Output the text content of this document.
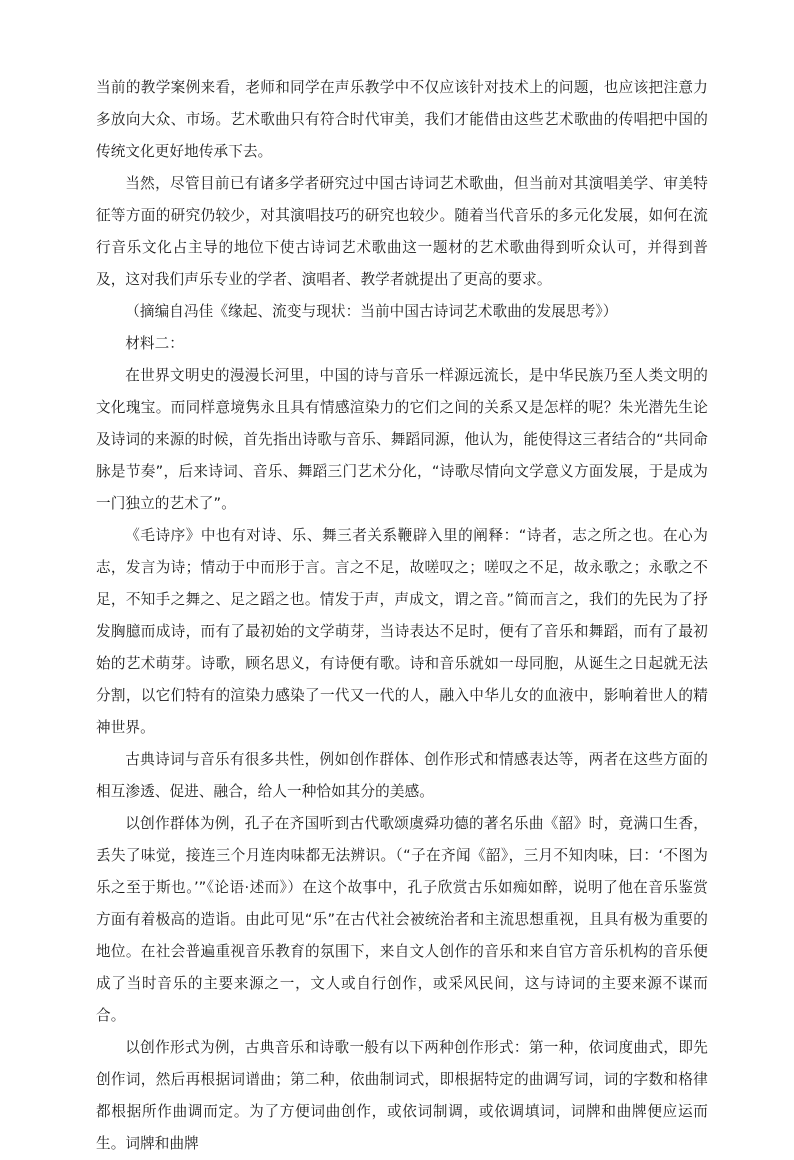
当前的教学案例来看，老师和同学在声乐教学中不仅应该针对技术上的问题，也应该把注意力多放向大众、市场。艺术歌曲只有符合时代审美，我们才能借由这些艺术歌曲的传唱把中国的传统文化更好地传承下去。

当然，尽管目前已有诸多学者研究过中国古诗词艺术歌曲，但当前对其演唱美学、审美特征等方面的研究仍较少，对其演唱技巧的研究也较少。随着当代音乐的多元化发展，如何在流行音乐文化占主导的地位下使古诗词艺术歌曲这一题材的艺术歌曲得到听众认可，并得到普及，这对我们声乐专业的学者、演唱者、教学者就提出了更高的要求。

（摘编自冯佳《缘起、流变与现状：当前中国古诗词艺术歌曲的发展思考》）

材料二：

在世界文明史的漫漫长河里，中国的诗与音乐一样源远流长，是中华民族乃至人类文明的文化瑰宝。而同样意境隽永且具有情感渲染力的它们之间的关系又是怎样的呢？朱光潜先生论及诗词的来源的时候，首先指出诗歌与音乐、舞蹈同源，他认为，能使得这三者结合的“共同命脉是节奏”，后来诗词、音乐、舞蹈三门艺术分化，“诗歌尽情向文学意义方面发展，于是成为一门独立的艺术了”。

《毛诗序》中也有对诗、乐、舞三者关系鞭辟入里的阐释：“诗者，志之所之也。在心为志，发言为诗；情动于中而形于言。言之不足，故嗟叹之；嗟叹之不足，故永歌之；永歌之不足，不知手之舞之、足之蹈之也。情发于声，声成文，谓之音。”简而言之，我们的先民为了抒发胸臆而成诗，而有了最初始的文学萌芽，当诗表达不足时，便有了音乐和舞蹈，而有了最初始的艺术萌芽。诗歌，顾名思义，有诗便有歌。诗和音乐就如一母同胞，从诞生之日起就无法分割，以它们特有的渲染力感染了一代又一代的人，融入中华儿女的血液中，影响着世人的精神世界。

古典诗词与音乐有很多共性，例如创作群体、创作形式和情感表达等，两者在这些方面的相互渗透、促进、融合，给人一种恰如其分的美感。

以创作群体为例，孔子在齐国听到古代歌颂虞舜功德的著名乐曲《韶》时，竟满口生香，丢失了味觉，接连三个月连肉味都无法辨识。（“子在齐闻《韶》，三月不知肉味，曰：‘不图为乐之至于斯也。’”《论语·述而》）在这个故事中，孔子欣赏古乐如痴如醉，说明了他在音乐鉴赏方面有着极高的造诣。由此可见“乐”在古代社会被统治者和主流思想重视，且具有极为重要的地位。在社会普遍重视音乐教育的氛围下，来自文人创作的音乐和来自官方音乐机构的音乐便成了当时音乐的主要来源之一，文人或自行创作，或采风民间，这与诗词的主要来源不谋而合。

以创作形式为例，古典音乐和诗歌一般有以下两种创作形式：第一种，依词度曲式，即先创作词，然后再根据词谱曲；第二种，依曲制词式，即根据特定的曲调写词，词的字数和格律都根据所作曲调而定。为了方便词曲创作，或依词制调，或依调填词，词牌和曲牌便应运而生。词牌和曲牌
